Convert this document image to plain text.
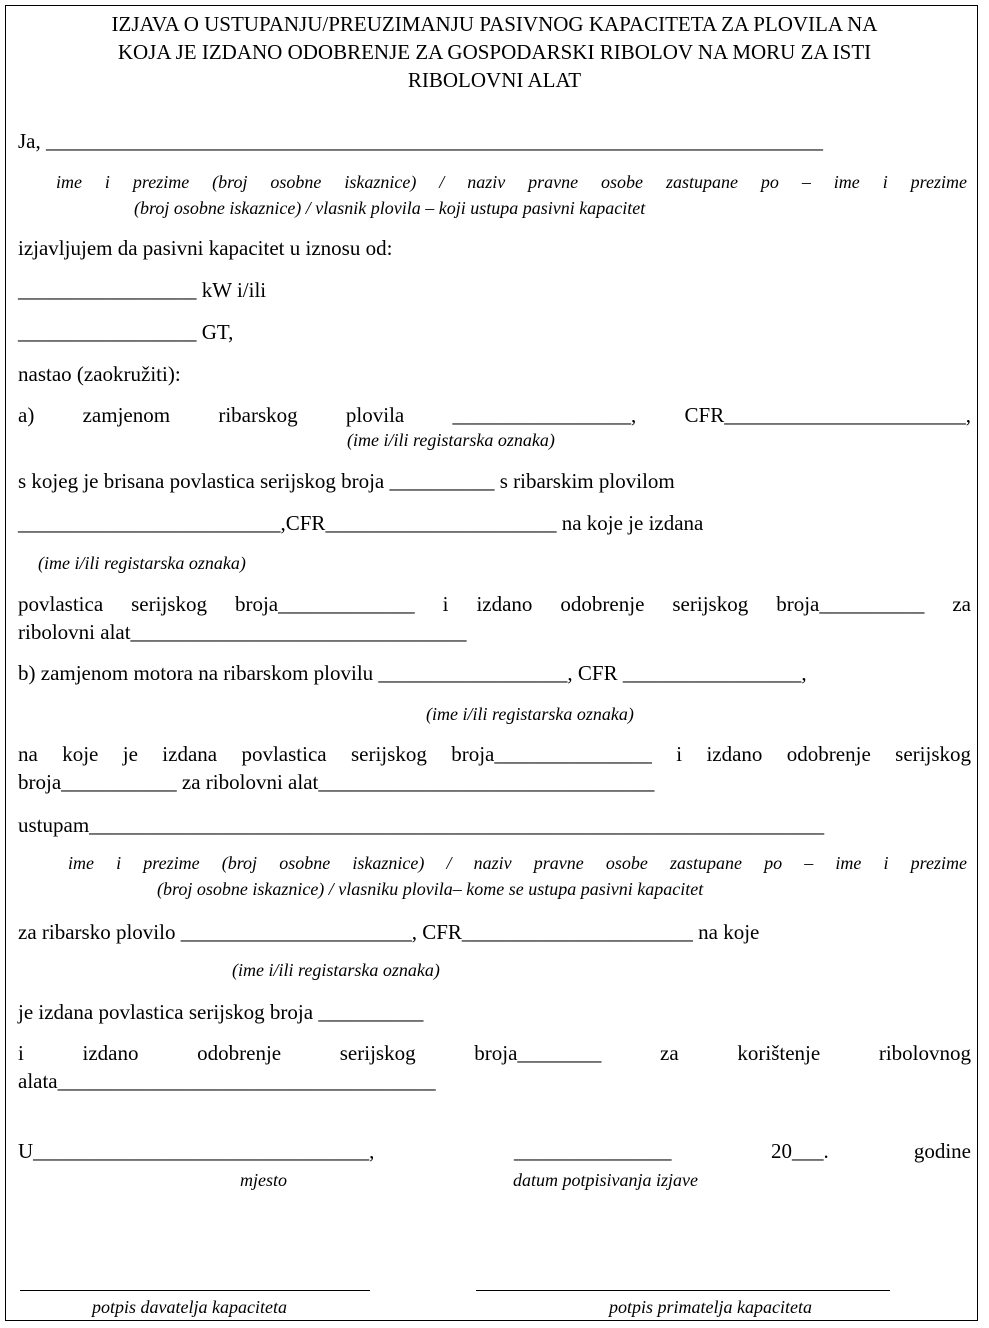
IZJAVA O USTUPANJU/PREUZIMANJU PASIVNOG KAPACITETA ZA PLOVILA NA
KOJA JE IZDANO ODOBRENJE ZA GOSPODARSKI RIBOLOV NA MORU ZA ISTI
RIBOLOVNI ALAT
Ja, __________________________________________________________________________
ime i prezime (broj osobne iskaznice) / naziv pravne osobe zastupane po – ime i prezime
(broj osobne iskaznice) / vlasnik plovila – koji ustupa pasivni kapacitet
izjavljujem da pasivni kapacitet u iznosu od:
_________________ kW i/ili
_________________ GT,
nastao (zaokružiti):
a) zamjenom ribarskog plovila _________________, CFR_______________________,
(ime i/ili registarska oznaka)
s kojeg je brisana povlastica serijskog broja __________ s ribarskim plovilom
_________________________,CFR______________________ na koje je izdana
(ime i/ili registarska oznaka)
povlastica serijskog broja_____________ i izdano odobrenje serijskog broja__________ za
ribolovni alat________________________________
b) zamjenom motora na ribarskom plovilu __________________, CFR _________________,
(ime i/ili registarska oznaka)
na koje je izdana povlastica serijskog broja_______________ i izdano odobrenje serijskog
broja___________ za ribolovni alat________________________________
ustupam______________________________________________________________________
ime i prezime (broj osobne iskaznice) / naziv pravne osobe zastupane po – ime i prezime
(broj osobne iskaznice) / vlasniku plovila– kome se ustupa pasivni kapacitet
za ribarsko plovilo ______________________, CFR______________________ na koje
(ime i/ili registarska oznaka)
je izdana povlastica serijskog broja __________
i izdano odobrenje serijskog broja________ za korištenje ribolovnog
alata____________________________________
U________________________________,	_______________	20___.	godine
mjesto	datum potpisivanja izjave
potpis davatelja kapaciteta	potpis primatelja kapaciteta
